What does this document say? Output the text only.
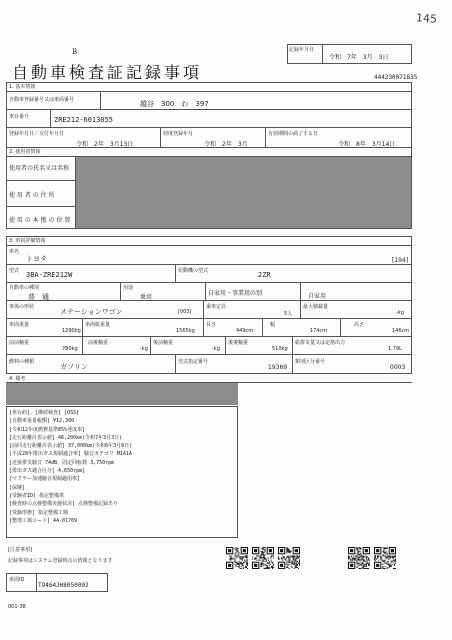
145
記録年月日
令和　7年　3月　3日
B
自動車検査証記録事項	444230071835
1. 基本情報
自動車登録番号又は車両番号	越谷　300　わ　397
車台番号	ZRE212-6013055
登録年月日／交付年月日
令和　2年　3月13日
初度登録年月
令和　2年　3月
有効期間の満了する日
令和　8年　3月14日
2. 使用者情報
使用者の氏名又は名称
使 用 者 の 住 所
使 用 の 本 拠 の 位 置
3. 車両詳細情報
車名
トヨタ	[194]
型式 3BA-ZRE212W	原動機の型式	2ZR
自動車の種別
普　通
用途
乗用
自家用・事業用の別	自家用
車体の形状
ステーションワゴン	[003]
乗車定員
5人
最大積載量
-kg
車両重量
1290kg
車両総重量
1565kg
長さ
449cm
幅
174cm
高さ
146cm
前前軸重
780kg
前後軸重
-kg
後前軸重
-kg
後後軸重
510kg
総排気量又は定格出力
1.79L
燃料の種類
ガソリン
型式指定番号
19369
類別区分番号
0003
4. 備考
[車台約]、[継続検査] [OSS]
[自動車重量税額] ¥12,300
[令和12年度燃費基準85%達成車]
[走行距離計表示値] 46,200km(令和7年3月3日)
[前回走行距離計表示値] 37,000km(令和6年3月8日)
[平成28年排出ガス規制適合車] 騒音カテゴリ M1A1A
[近接排気騒音 74dB、固定回転数 3,750rpm
[排出ガス適合区分] 4,650rpm]
[マフラー加速騒音規制適用車]
[保険]
[受験者ID] 指定整備車
[検査時の点検整備実施状況] 点検整備記録あり
[受験形態] 指定整備工場
[整理工場コード] 44-01709
[注意事項]
記録事項はシステム登録時点の情報となります
車両ID
T9464JH8050002
001-38
